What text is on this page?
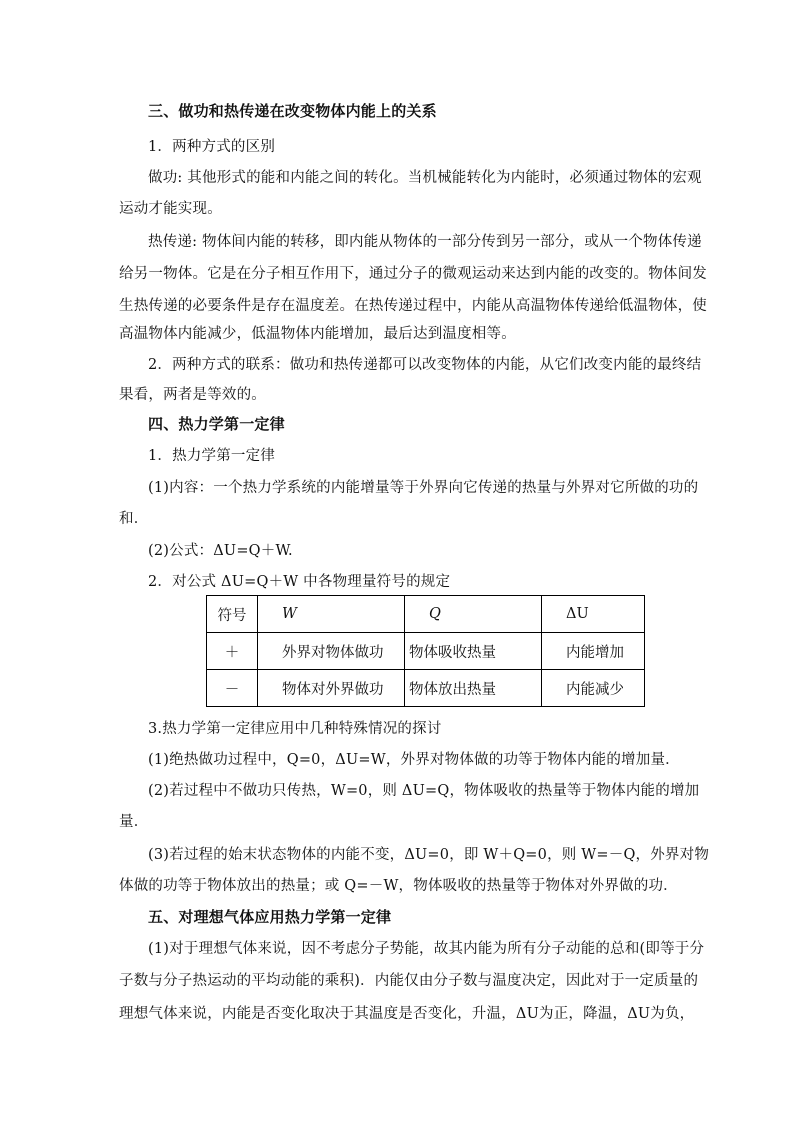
三、做功和热传递在改变物体内能上的关系
1．两种方式的区别
做功: 其他形式的能和内能之间的转化。当机械能转化为内能时，必须通过物体的宏观
运动才能实现。
热传递: 物体间内能的转移，即内能从物体的一部分传到另一部分，或从一个物体传递
给另一物体。它是在分子相互作用下，通过分子的微观运动来达到内能的改变的。物体间发
生热传递的必要条件是存在温度差。在热传递过程中，内能从高温物体传递给低温物体，使
高温物体内能减少，低温物体内能增加，最后达到温度相等。
2．两种方式的联系：做功和热传递都可以改变物体的内能，从它们改变内能的最终结
果看，两者是等效的。
四、热力学第一定律
1．热力学第一定律
(1)内容：一个热力学系统的内能增量等于外界向它传递的热量与外界对它所做的功的
和．
(2)公式：ΔU=Q＋W.
2．对公式 ΔU=Q＋W 中各物理量符号的规定
符号	W	Q	ΔU
＋	外界对物体做功	物体吸收热量	内能增加
－	物体对外界做功	物体放出热量	内能减少
3.热力学第一定律应用中几种特殊情况的探讨
(1)绝热做功过程中，Q=0，ΔU=W，外界对物体做的功等于物体内能的增加量．
(2)若过程中不做功只传热，W=0，则 ΔU=Q，物体吸收的热量等于物体内能的增加
量．
(3)若过程的始末状态物体的内能不变，ΔU=0，即 W＋Q=0，则 W=－Q，外界对物
体做的功等于物体放出的热量；或 Q=－W，物体吸收的热量等于物体对外界做的功．
五、对理想气体应用热力学第一定律
(1)对于理想气体来说，因不考虑分子势能，故其内能为所有分子动能的总和(即等于分
子数与分子热运动的平均动能的乘积)．内能仅由分子数与温度决定，因此对于一定质量的
理想气体来说，内能是否变化取决于其温度是否变化，升温，ΔU为正，降温，ΔU为负，
